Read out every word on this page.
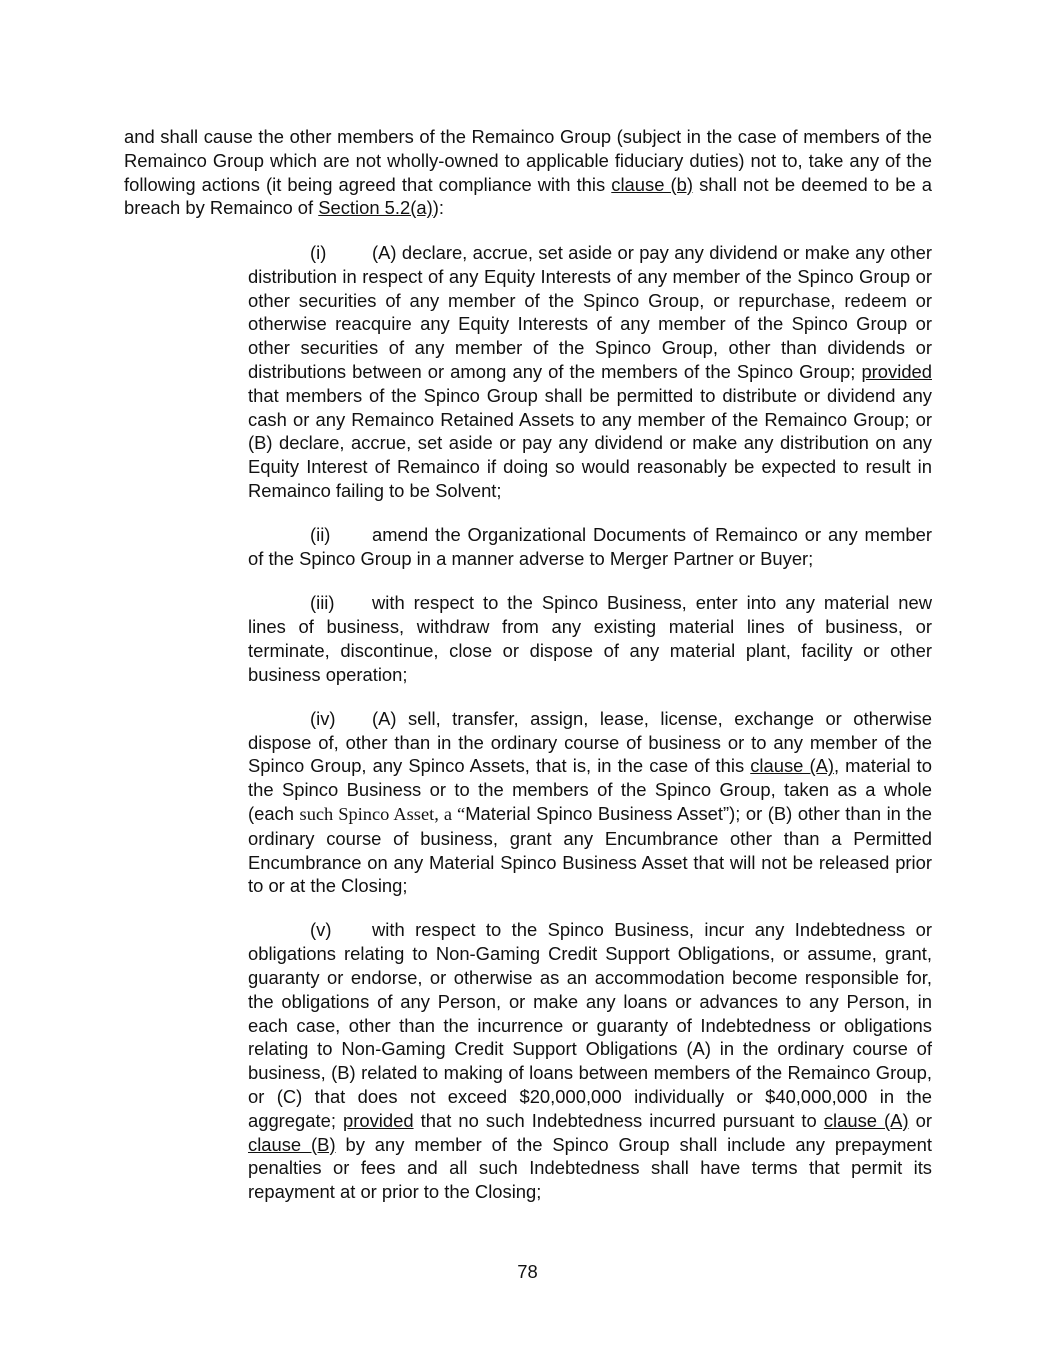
and shall cause the other members of the Remainco Group (subject in the case of members of the Remainco Group which are not wholly-owned to applicable fiduciary duties) not to, take any of the following actions (it being agreed that compliance with this clause (b) shall not be deemed to be a breach by Remainco of Section 5.2(a)):

(i) (A) declare, accrue, set aside or pay any dividend or make any other distribution in respect of any Equity Interests of any member of the Spinco Group or other securities of any member of the Spinco Group, or repurchase, redeem or otherwise reacquire any Equity Interests of any member of the Spinco Group or other securities of any member of the Spinco Group, other than dividends or distributions between or among any of the members of the Spinco Group; provided that members of the Spinco Group shall be permitted to distribute or dividend any cash or any Remainco Retained Assets to any member of the Remainco Group; or (B) declare, accrue, set aside or pay any dividend or make any distribution on any Equity Interest of Remainco if doing so would reasonably be expected to result in Remainco failing to be Solvent;

(ii) amend the Organizational Documents of Remainco or any member of the Spinco Group in a manner adverse to Merger Partner or Buyer;

(iii) with respect to the Spinco Business, enter into any material new lines of business, withdraw from any existing material lines of business, or terminate, discontinue, close or dispose of any material plant, facility or other business operation;

(iv) (A) sell, transfer, assign, lease, license, exchange or otherwise dispose of, other than in the ordinary course of business or to any member of the Spinco Group, any Spinco Assets, that is, in the case of this clause (A), material to the Spinco Business or to the members of the Spinco Group, taken as a whole (each such Spinco Asset, a “Material Spinco Business Asset”); or (B) other than in the ordinary course of business, grant any Encumbrance other than a Permitted Encumbrance on any Material Spinco Business Asset that will not be released prior to or at the Closing;

(v) with respect to the Spinco Business, incur any Indebtedness or obligations relating to Non-Gaming Credit Support Obligations, or assume, grant, guaranty or endorse, or otherwise as an accommodation become responsible for, the obligations of any Person, or make any loans or advances to any Person, in each case, other than the incurrence or guaranty of Indebtedness or obligations relating to Non-Gaming Credit Support Obligations (A) in the ordinary course of business, (B) related to making of loans between members of the Remainco Group, or (C) that does not exceed $20,000,000 individually or $40,000,000 in the aggregate; provided that no such Indebtedness incurred pursuant to clause (A) or clause (B) by any member of the Spinco Group shall include any prepayment penalties or fees and all such Indebtedness shall have terms that permit its repayment at or prior to the Closing;

78
